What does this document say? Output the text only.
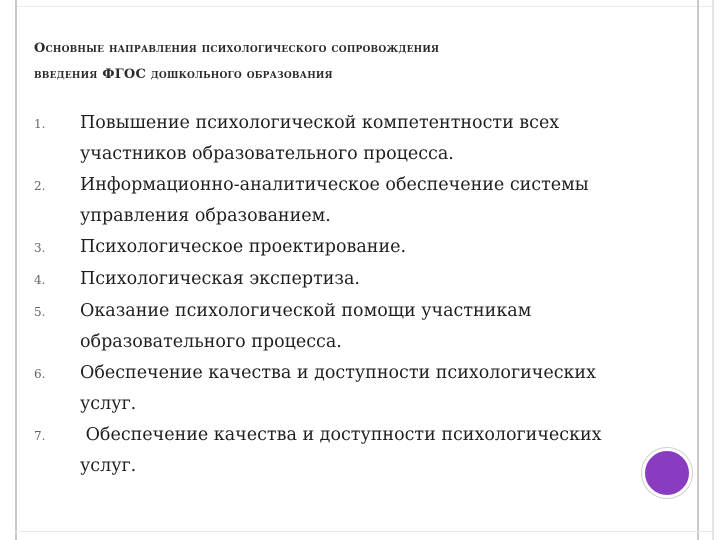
Основные направления психологического сопровождения
введения ФГОС дошкольного образования
1.	Повышение психологической компетентности всех участников образовательного процесса.
2.	Информационно-аналитическое обеспечение системы управления образованием.
3.	Психологическое проектирование.
4.	Психологическая экспертиза.
5.	Оказание психологической помощи участникам образовательного процесса.
6.	Обеспечение качества и доступности психологических услуг.
7.	Обеспечение качества и доступности психологических услуг.
